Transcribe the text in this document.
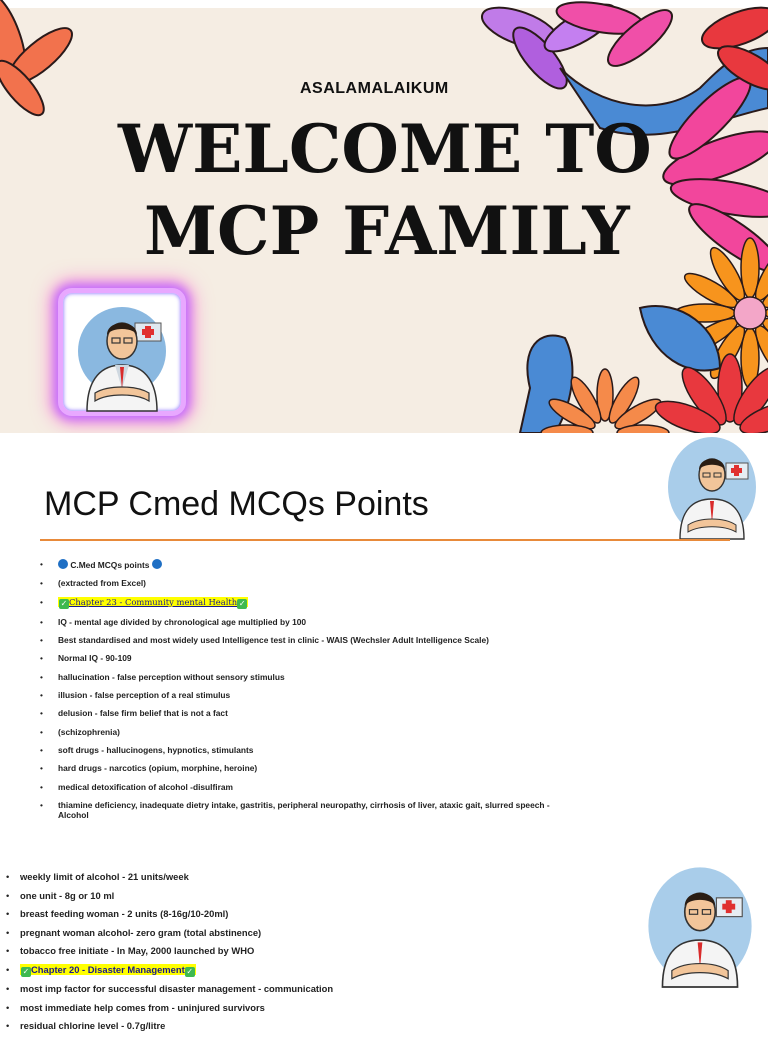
ASALAMALAIKUM
WELCOME TO
MCP FAMILY
MCP Cmed MCQs Points
• C.Med MCQs points
• (extracted from Excel)
• ✓ Chapter 23 - Community mental Health ✓
• IQ - mental age divided by chronological age multiplied by 100
• Best standardised and most widely used Intelligence test in clinic - WAIS (Wechsler Adult Intelligence Scale)
• Normal IQ - 90-109
• hallucination - false perception without sensory stimulus
• illusion - false perception of a real stimulus
• delusion - false firm belief that is not a fact
• (schizophrenia)
• soft drugs - hallucinogens, hypnotics, stimulants
• hard drugs - narcotics (opium, morphine, heroine)
• medical detoxification of alcohol -disulfiram
• thiamine deficiency, inadequate dietry intake, gastritis, peripheral neuropathy, cirrhosis of liver, ataxic gait, slurred speech - Alcohol
• weekly limit of alcohol - 21 units/week
• one unit - 8g or 10 ml
• breast feeding woman - 2 units (8-16g/10-20ml)
• pregnant woman alcohol- zero gram (total abstinence)
• tobacco free initiate - In May, 2000 launched by WHO
• ✓ Chapter 20 - Disaster Management ✓
• most imp factor for successful disaster management - communication
• most immediate help comes from - uninjured survivors
• residual chlorine level - 0.7g/litre
